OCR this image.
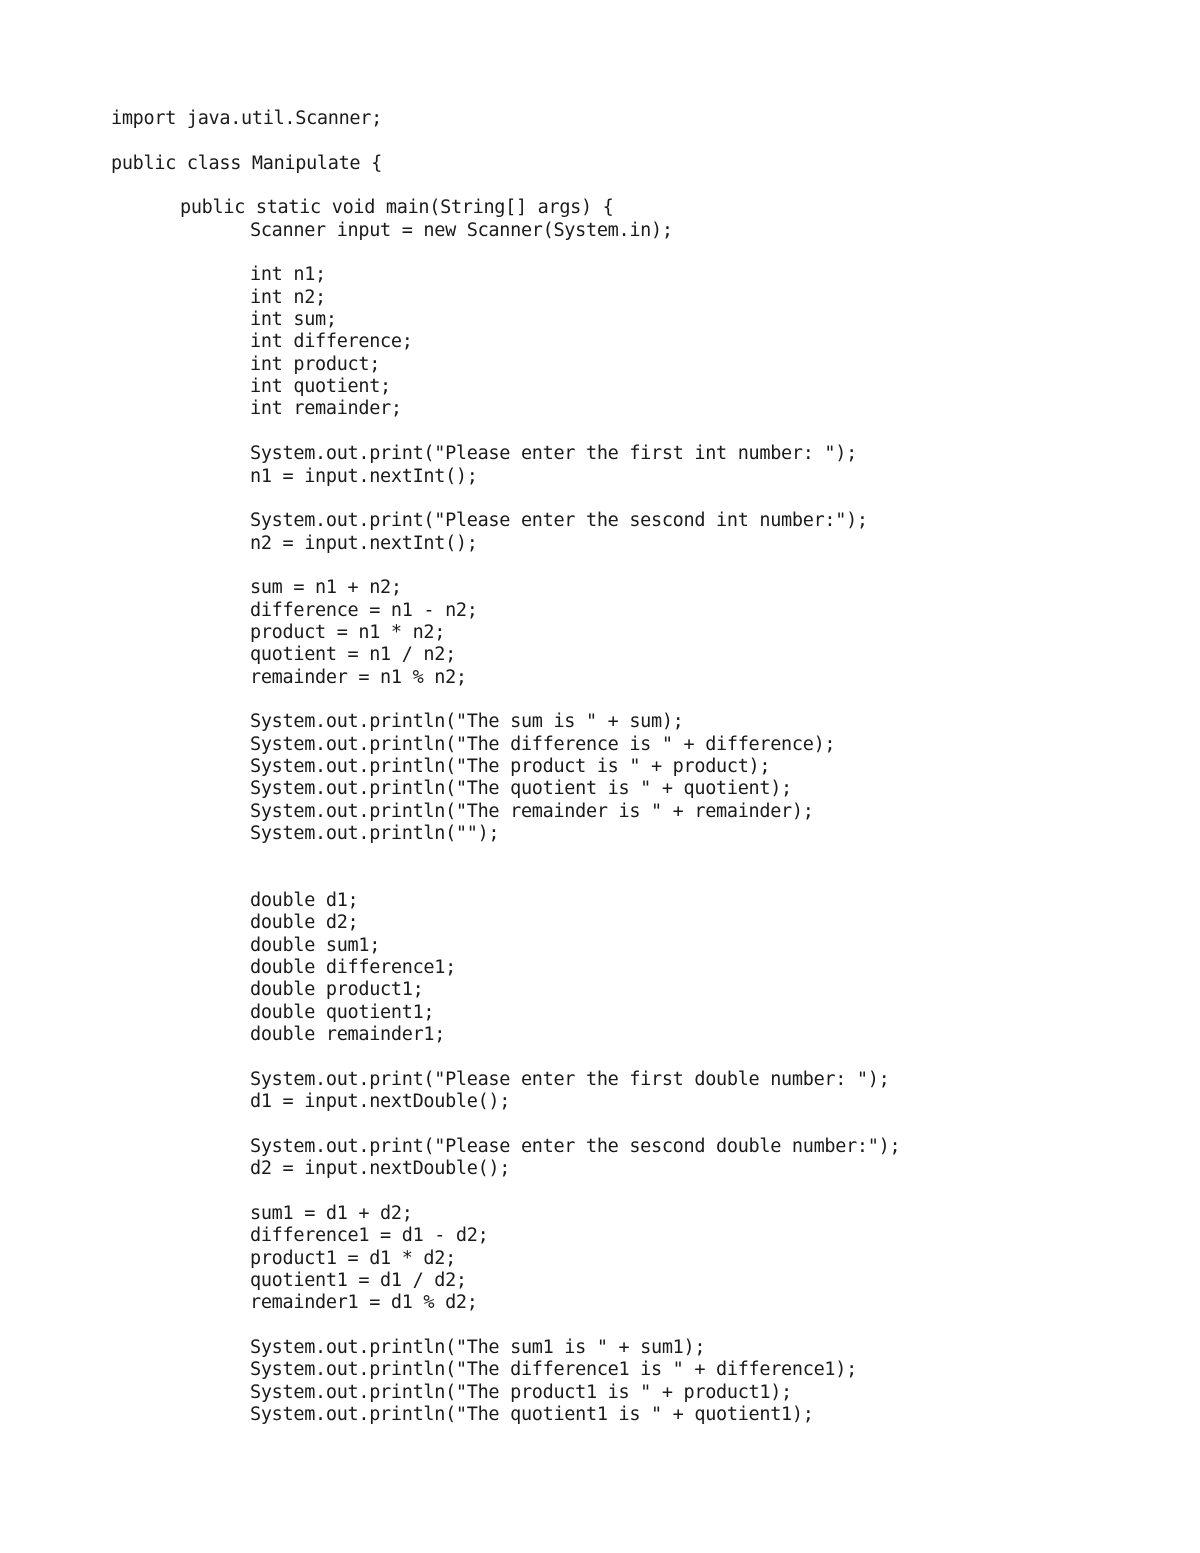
import java.util.Scanner;
public class Manipulate {
public static void main(String[] args) {
Scanner input = new Scanner(System.in);
int n1;
int n2;
int sum;
int difference;
int product;
int quotient;
int remainder;
System.out.print("Please enter the first int number: ");
n1 = input.nextInt();
System.out.print("Please enter the sescond int number:");
n2 = input.nextInt();
sum = n1 + n2;
difference = n1 - n2;
product = n1 * n2;
quotient = n1 / n2;
remainder = n1 % n2;
System.out.println("The sum is " + sum);
System.out.println("The difference is " + difference);
System.out.println("The product is " + product);
System.out.println("The quotient is " + quotient);
System.out.println("The remainder is " + remainder);
System.out.println("");
double d1;
double d2;
double sum1;
double difference1;
double product1;
double quotient1;
double remainder1;
System.out.print("Please enter the first double number: ");
d1 = input.nextDouble();
System.out.print("Please enter the sescond double number:");
d2 = input.nextDouble();
sum1 = d1 + d2;
difference1 = d1 - d2;
product1 = d1 * d2;
quotient1 = d1 / d2;
remainder1 = d1 % d2;
System.out.println("The sum1 is " + sum1);
System.out.println("The difference1 is " + difference1);
System.out.println("The product1 is " + product1);
System.out.println("The quotient1 is " + quotient1);
